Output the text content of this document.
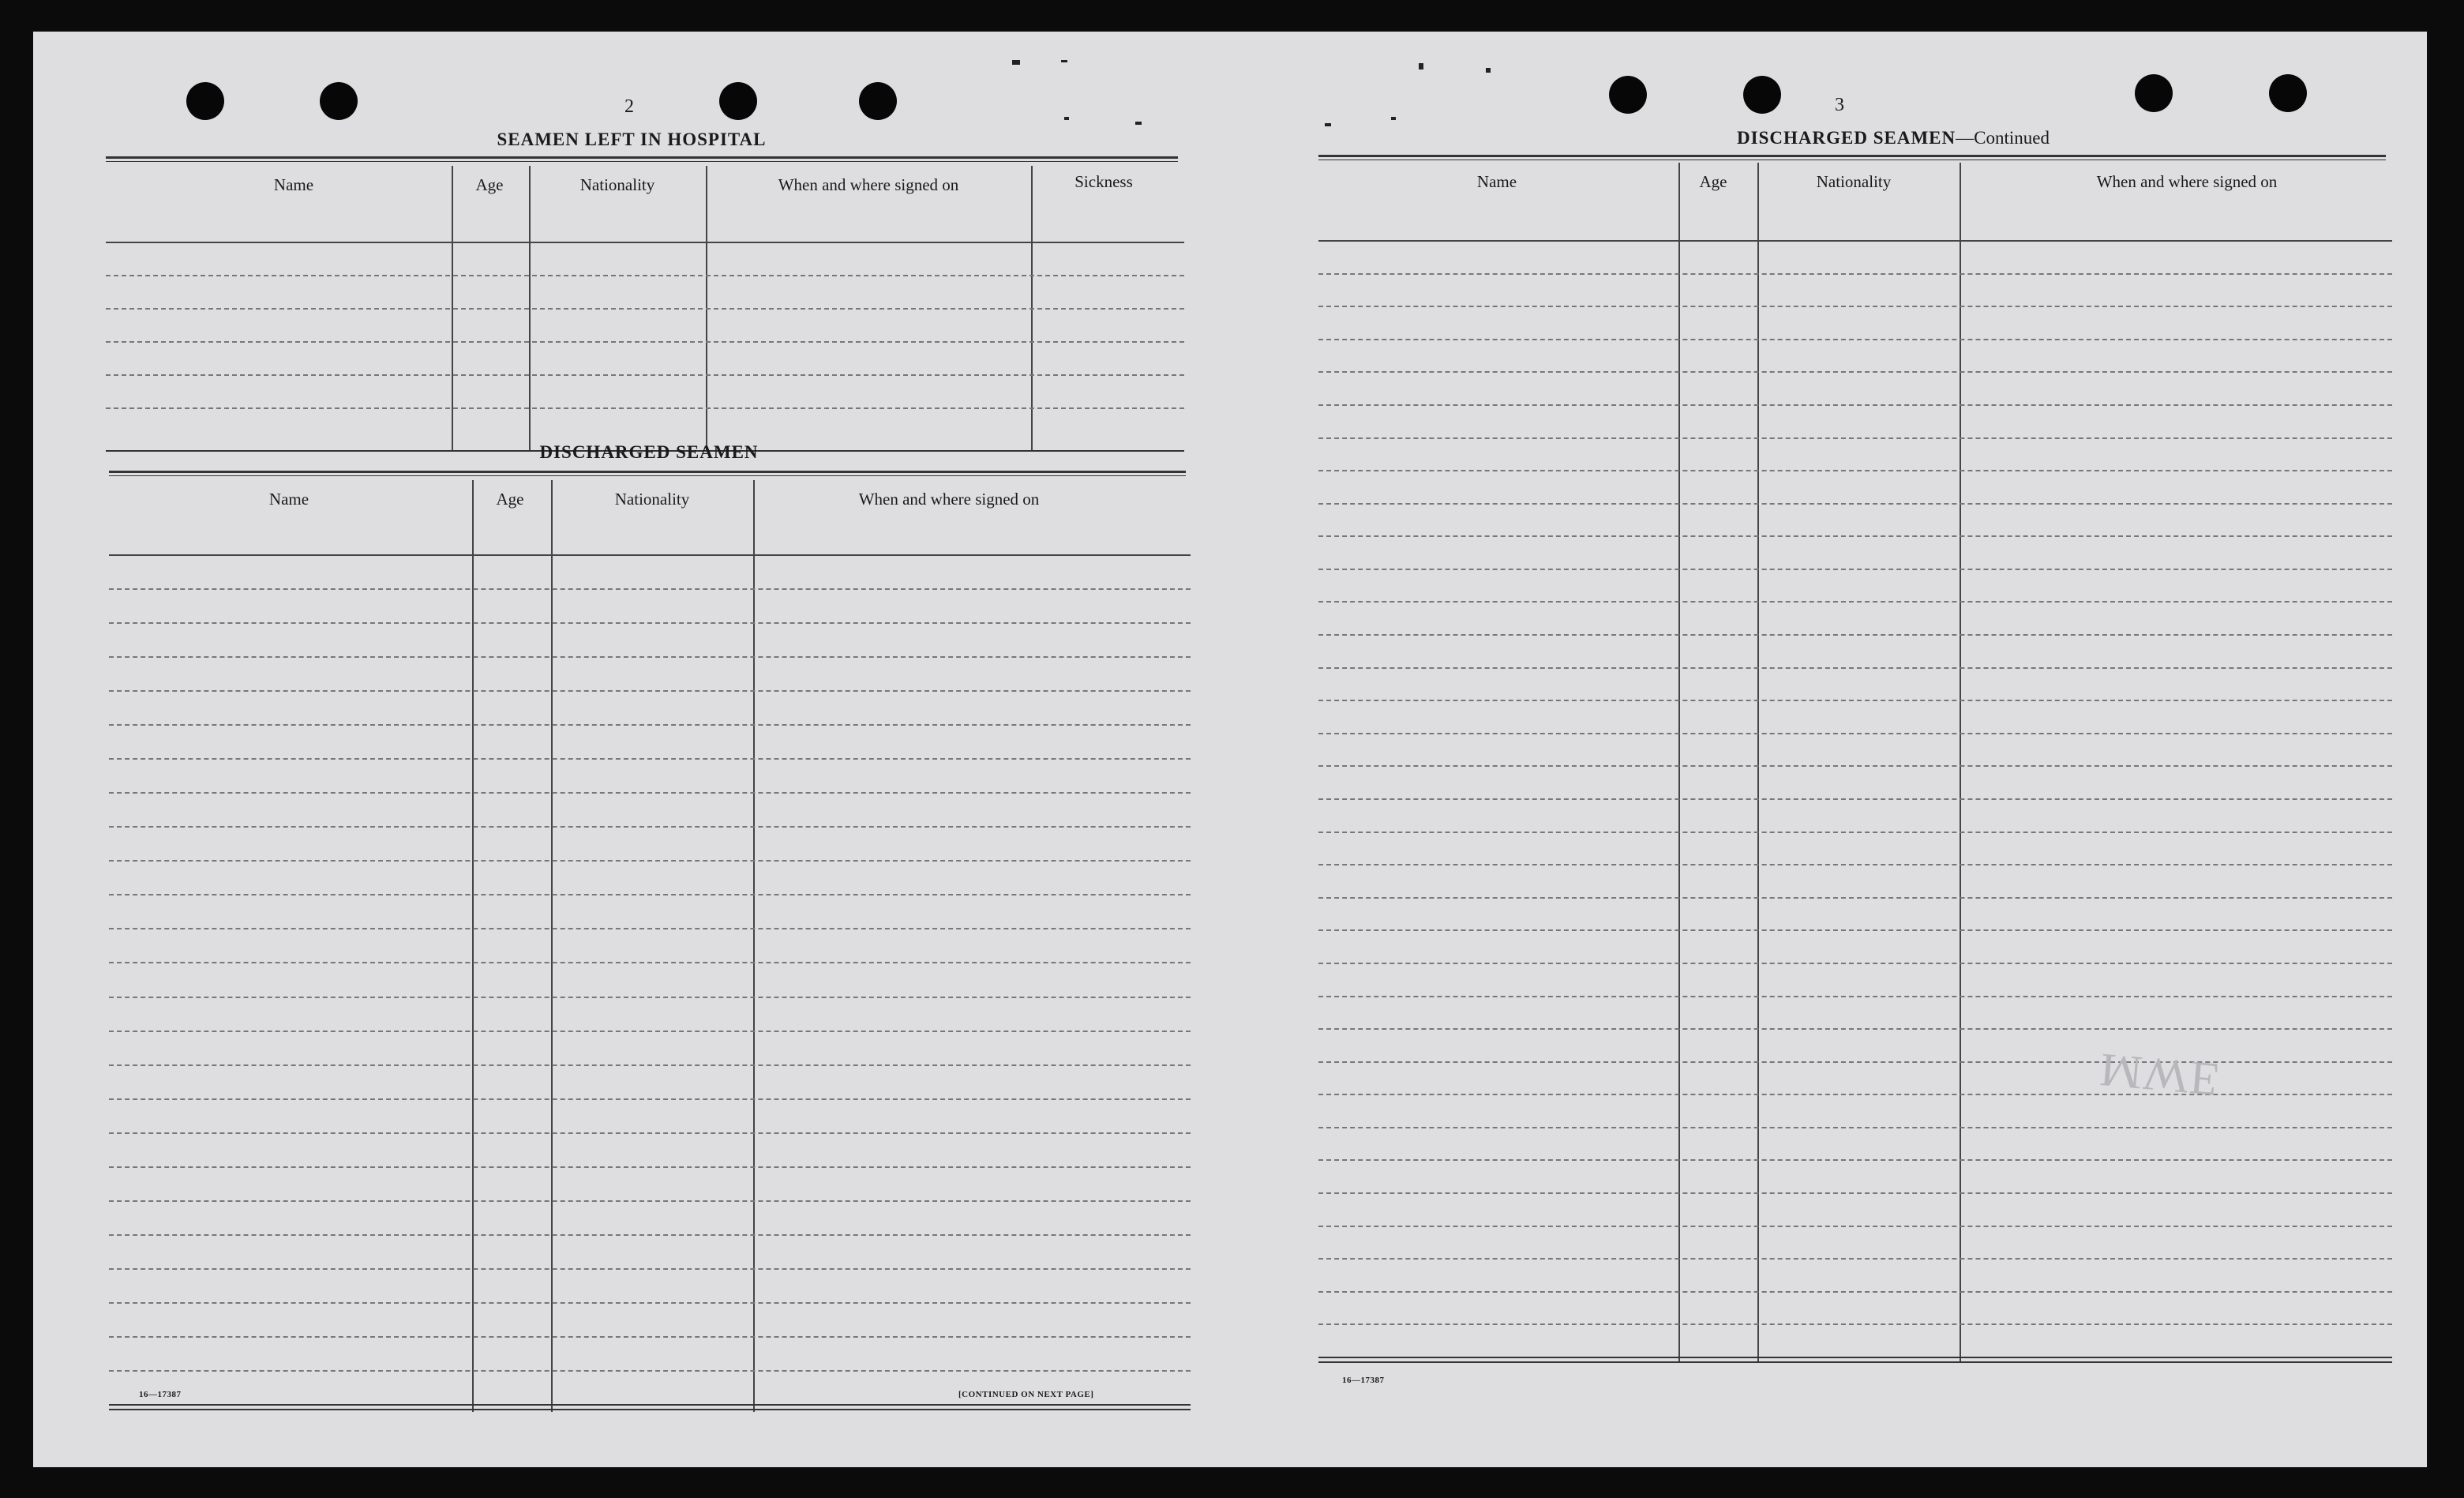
2
SEAMEN LEFT IN HOSPITAL
Name	Age	Nationality	When and where signed on	Sickness
DISCHARGED SEAMEN
Name	Age	Nationality	When and where signed on
16—17387	[CONTINUED ON NEXT PAGE]
3
DISCHARGED SEAMEN—Continued
Name	Age	Nationality	When and where signed on
16—17387
ƎWM
